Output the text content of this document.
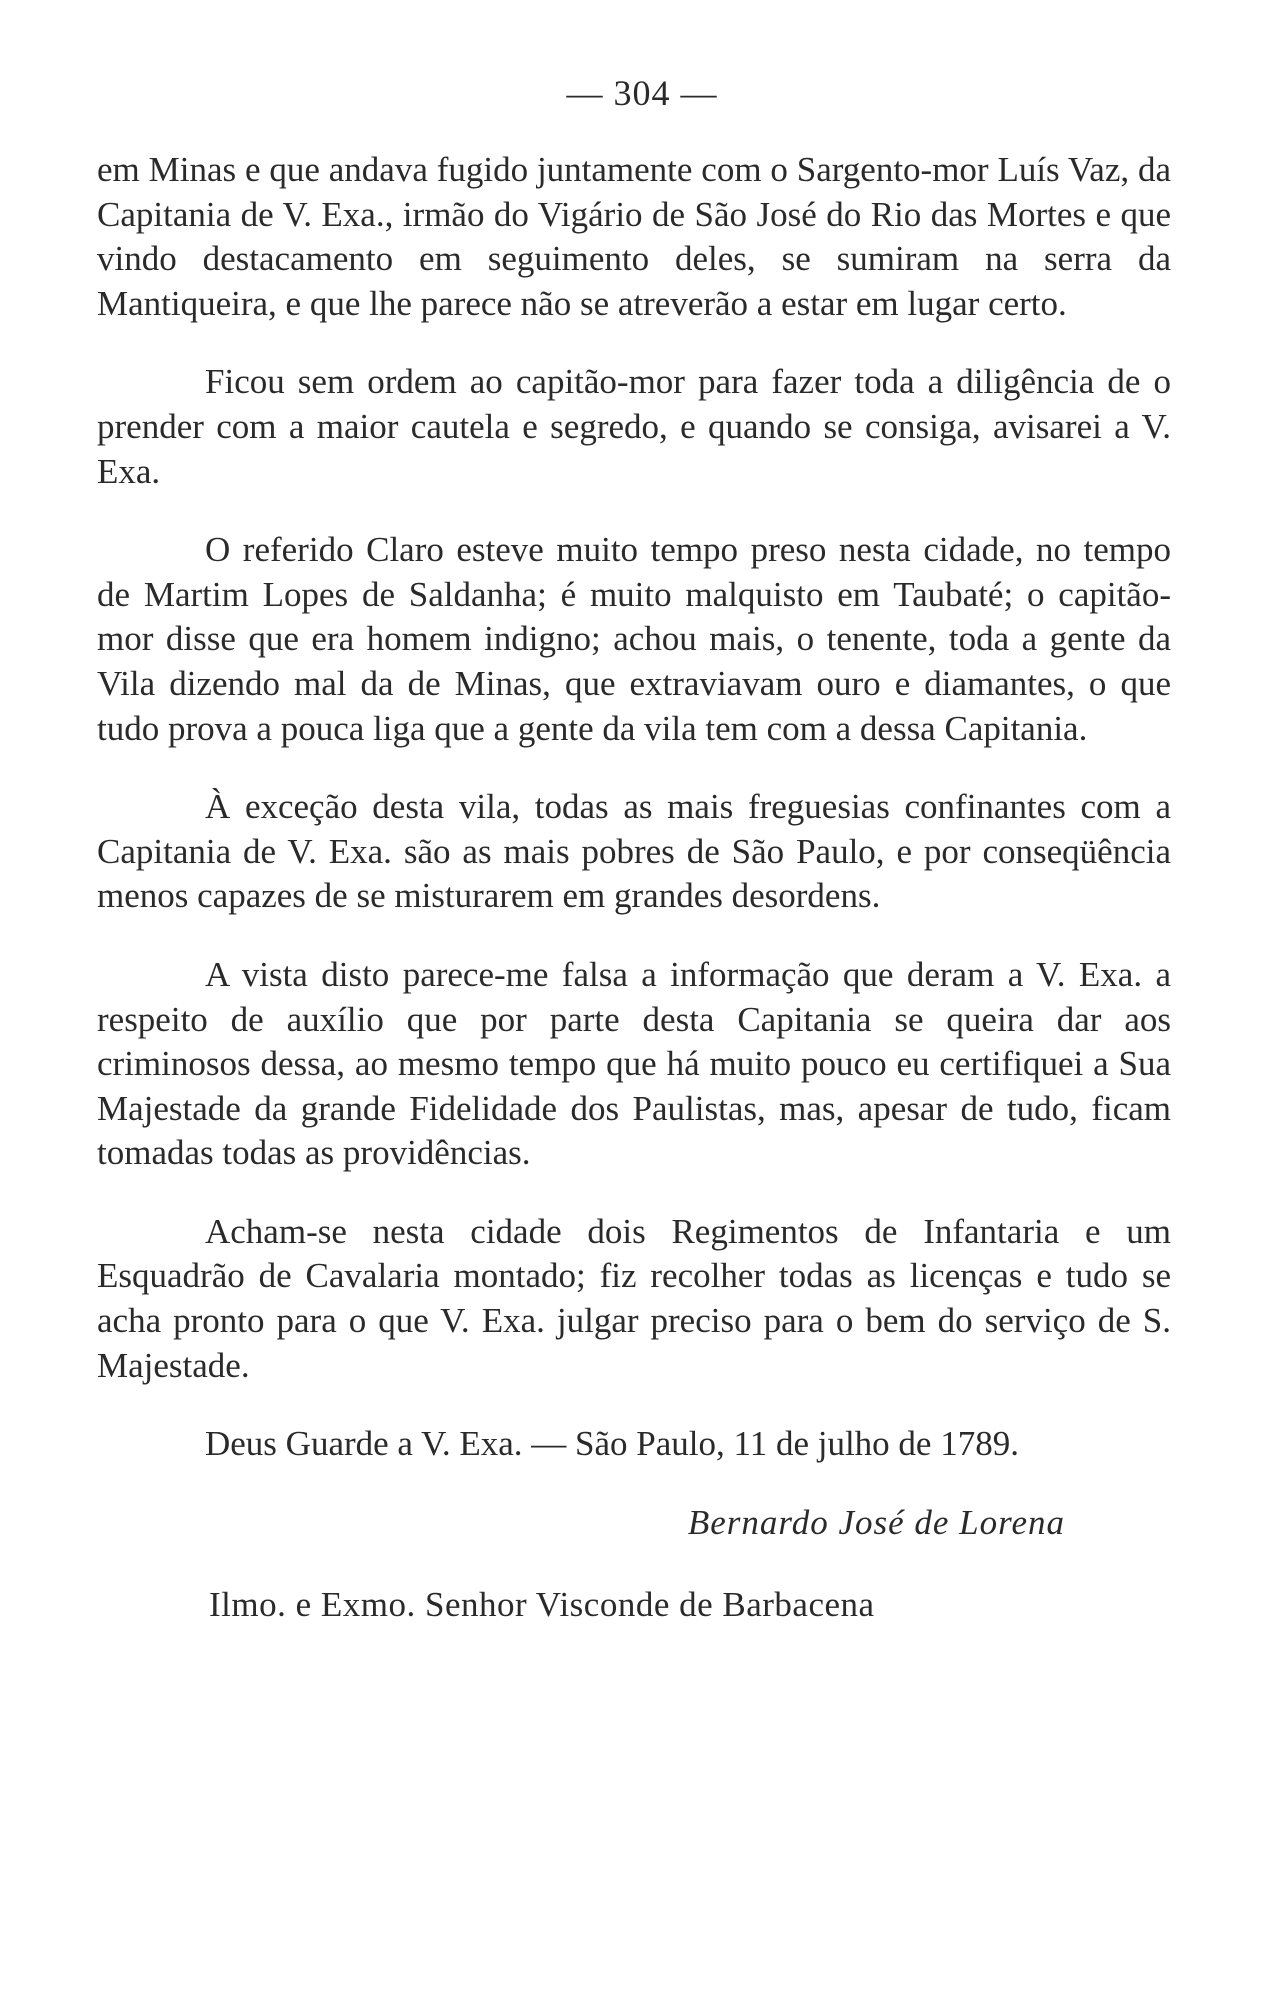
— 304 —

em Minas e que andava fugido juntamente com o Sargento-mor Luís Vaz, da Capitania de V. Exa., irmão do Vigário de São José do Rio das Mortes e que vindo destacamento em seguimento deles, se sumiram na serra da Mantiqueira, e que lhe parece não se atreverão a estar em lugar certo.

Ficou sem ordem ao capitão-mor para fazer toda a diligência de o prender com a maior cautela e segredo, e quando se consiga, avisarei a V. Exa.

O referido Claro esteve muito tempo preso nesta cidade, no tempo de Martim Lopes de Saldanha; é muito malquisto em Taubaté; o capitão-mor disse que era homem indigno; achou mais, o tenente, toda a gente da Vila dizendo mal da de Minas, que extraviavam ouro e diamantes, o que tudo prova a pouca liga que a gente da vila tem com a dessa Capitania.

À exceção desta vila, todas as mais freguesias confinantes com a Capitania de V. Exa. são as mais pobres de São Paulo, e por conseqüência menos capazes de se misturarem em grandes desordens.

A vista disto parece-me falsa a informação que deram a V. Exa. a respeito de auxílio que por parte desta Capitania se queira dar aos criminosos dessa, ao mesmo tempo que há muito pouco eu certifiquei a Sua Majestade da grande Fidelidade dos Paulistas, mas, apesar de tudo, ficam tomadas todas as providências.

Acham-se nesta cidade dois Regimentos de Infantaria e um Esquadrão de Cavalaria montado; fiz recolher todas as licenças e tudo se acha pronto para o que V. Exa. julgar preciso para o bem do serviço de S. Majestade.

Deus Guarde a V. Exa. — São Paulo, 11 de julho de 1789.

Bernardo José de Lorena

Ilmo. e Exmo. Senhor Visconde de Barbacena
